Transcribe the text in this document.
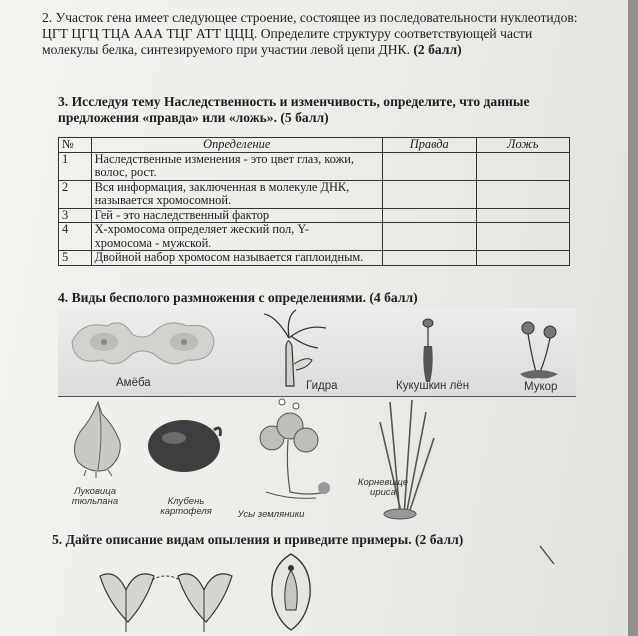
2. Участок гена имеет следующее строение, состоящее из последовательности нуклеотидов:
ЦГТ ЦГЦ ТЦА ААА ТЦГ АТТ ЦЦЦ. Определите структуру соответствующей части
молекулы белка, синтезируемого при участии левой цепи ДНК. (2 балл)
3. Исследуя тему Наследственность и изменчивость, определите, что данные
предложения «правда» или «ложь». (5 балл)
№	Определение	Правда	Ложь
1	Наследственные изменения - это цвет глаз, кожи,
волос, рост.		

2	Вся информация, заключенная в молекуле ДНК,
называется хромосомной.		

3	Гей - это наследственный фактор		

4	Х-хромосома определяет жеский пол, Y-
хромосома - мужской.		

5	Двойной набор хромосом называется гаплоидным.		

4. Виды бесполого размножения с определениями. (4 балл)
Амёба	Гидра	Кукушкин лён	Мукор
Луковица
тюльпана	Клубень
картофеля	Усы земляники
Корневище
ириса
5. Дайте описание видам опыления и приведите примеры. (2 балл)
